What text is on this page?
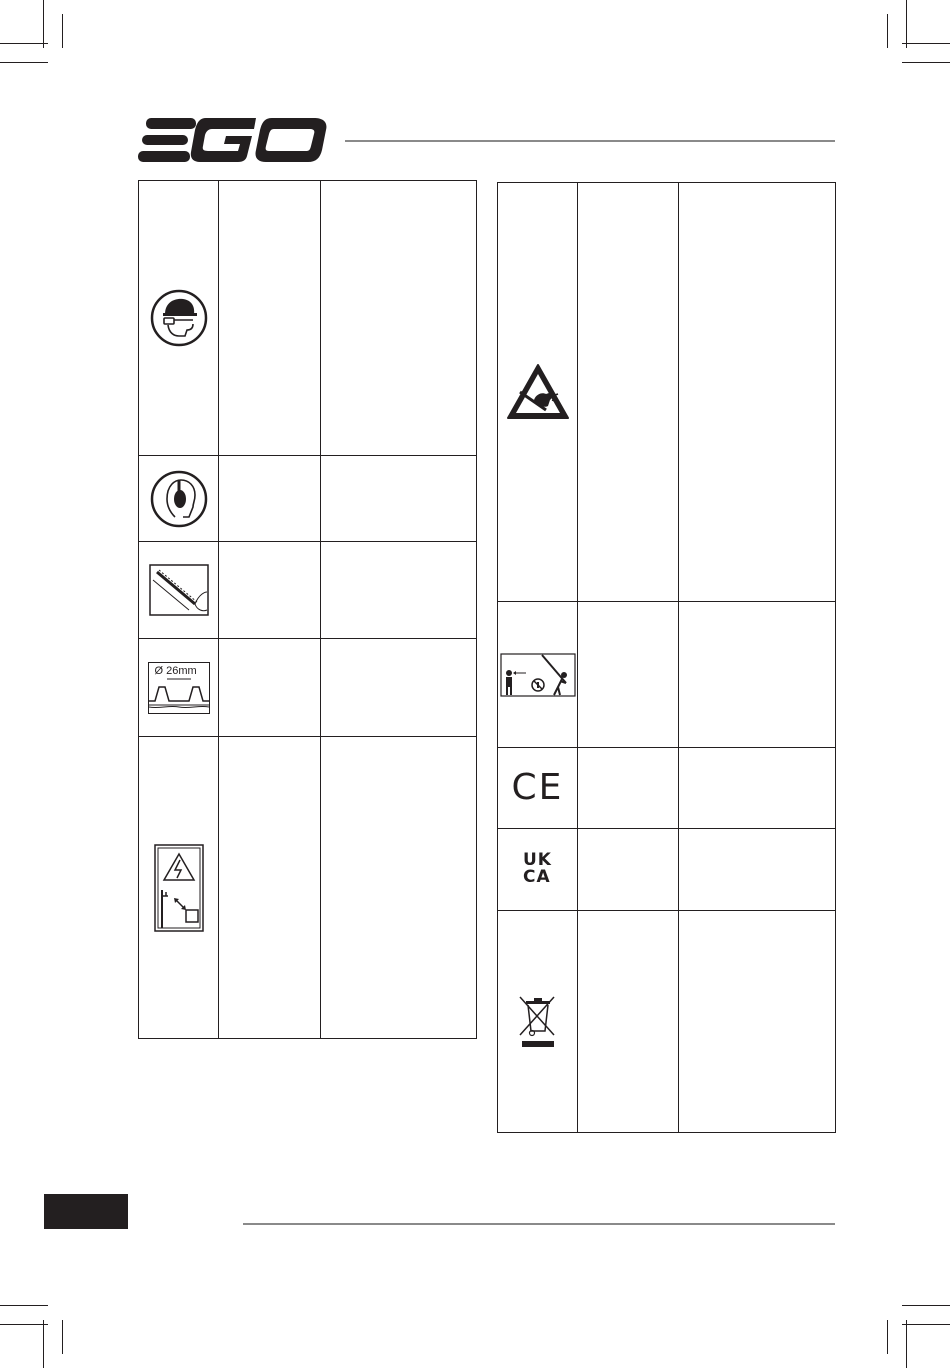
Ø 26mm		

CE	

UK
CA		
